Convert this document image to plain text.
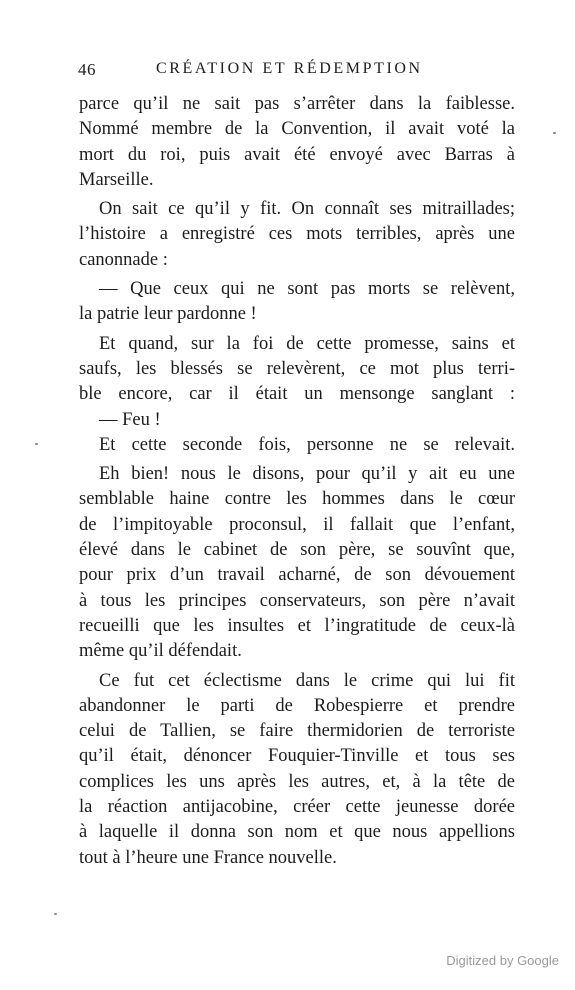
46	CRÉATION ET RÉDEMPTION
parce qu’il ne sait pas s’arrêter dans la faiblesse.
Nommé membre de la Convention, il avait voté la
mort du roi, puis avait été envoyé avec Barras à
Marseille.
On sait ce qu’il y fit. On connaît ses mitraillades;
l’histoire a enregistré ces mots terribles, après une
canonnade :
— Que ceux qui ne sont pas morts se relèvent,
la patrie leur pardonne !
Et quand, sur la foi de cette promesse, sains et
saufs, les blessés se relevèrent, ce mot plus terri-
ble encore, car il était un mensonge sanglant :
— Feu !
Et cette seconde fois, personne ne se relevait.
Eh bien! nous le disons, pour qu’il y ait eu une
semblable haine contre les hommes dans le cœur
de l’impitoyable proconsul, il fallait que l’enfant,
élevé dans le cabinet de son père, se souvînt que,
pour prix d’un travail acharné, de son dévouement
à tous les principes conservateurs, son père n’avait
recueilli que les insultes et l’ingratitude de ceux-là
même qu’il défendait.
Ce fut cet éclectisme dans le crime qui lui fit
abandonner le parti de Robespierre et prendre
celui de Tallien, se faire thermidorien de terroriste
qu’il était, dénoncer Fouquier-Tinville et tous ses
complices les uns après les autres, et, à la tête de
la réaction antijacobine, créer cette jeunesse dorée
à laquelle il donna son nom et que nous appellions
tout à l’heure une France nouvelle.
Digitized by Google
